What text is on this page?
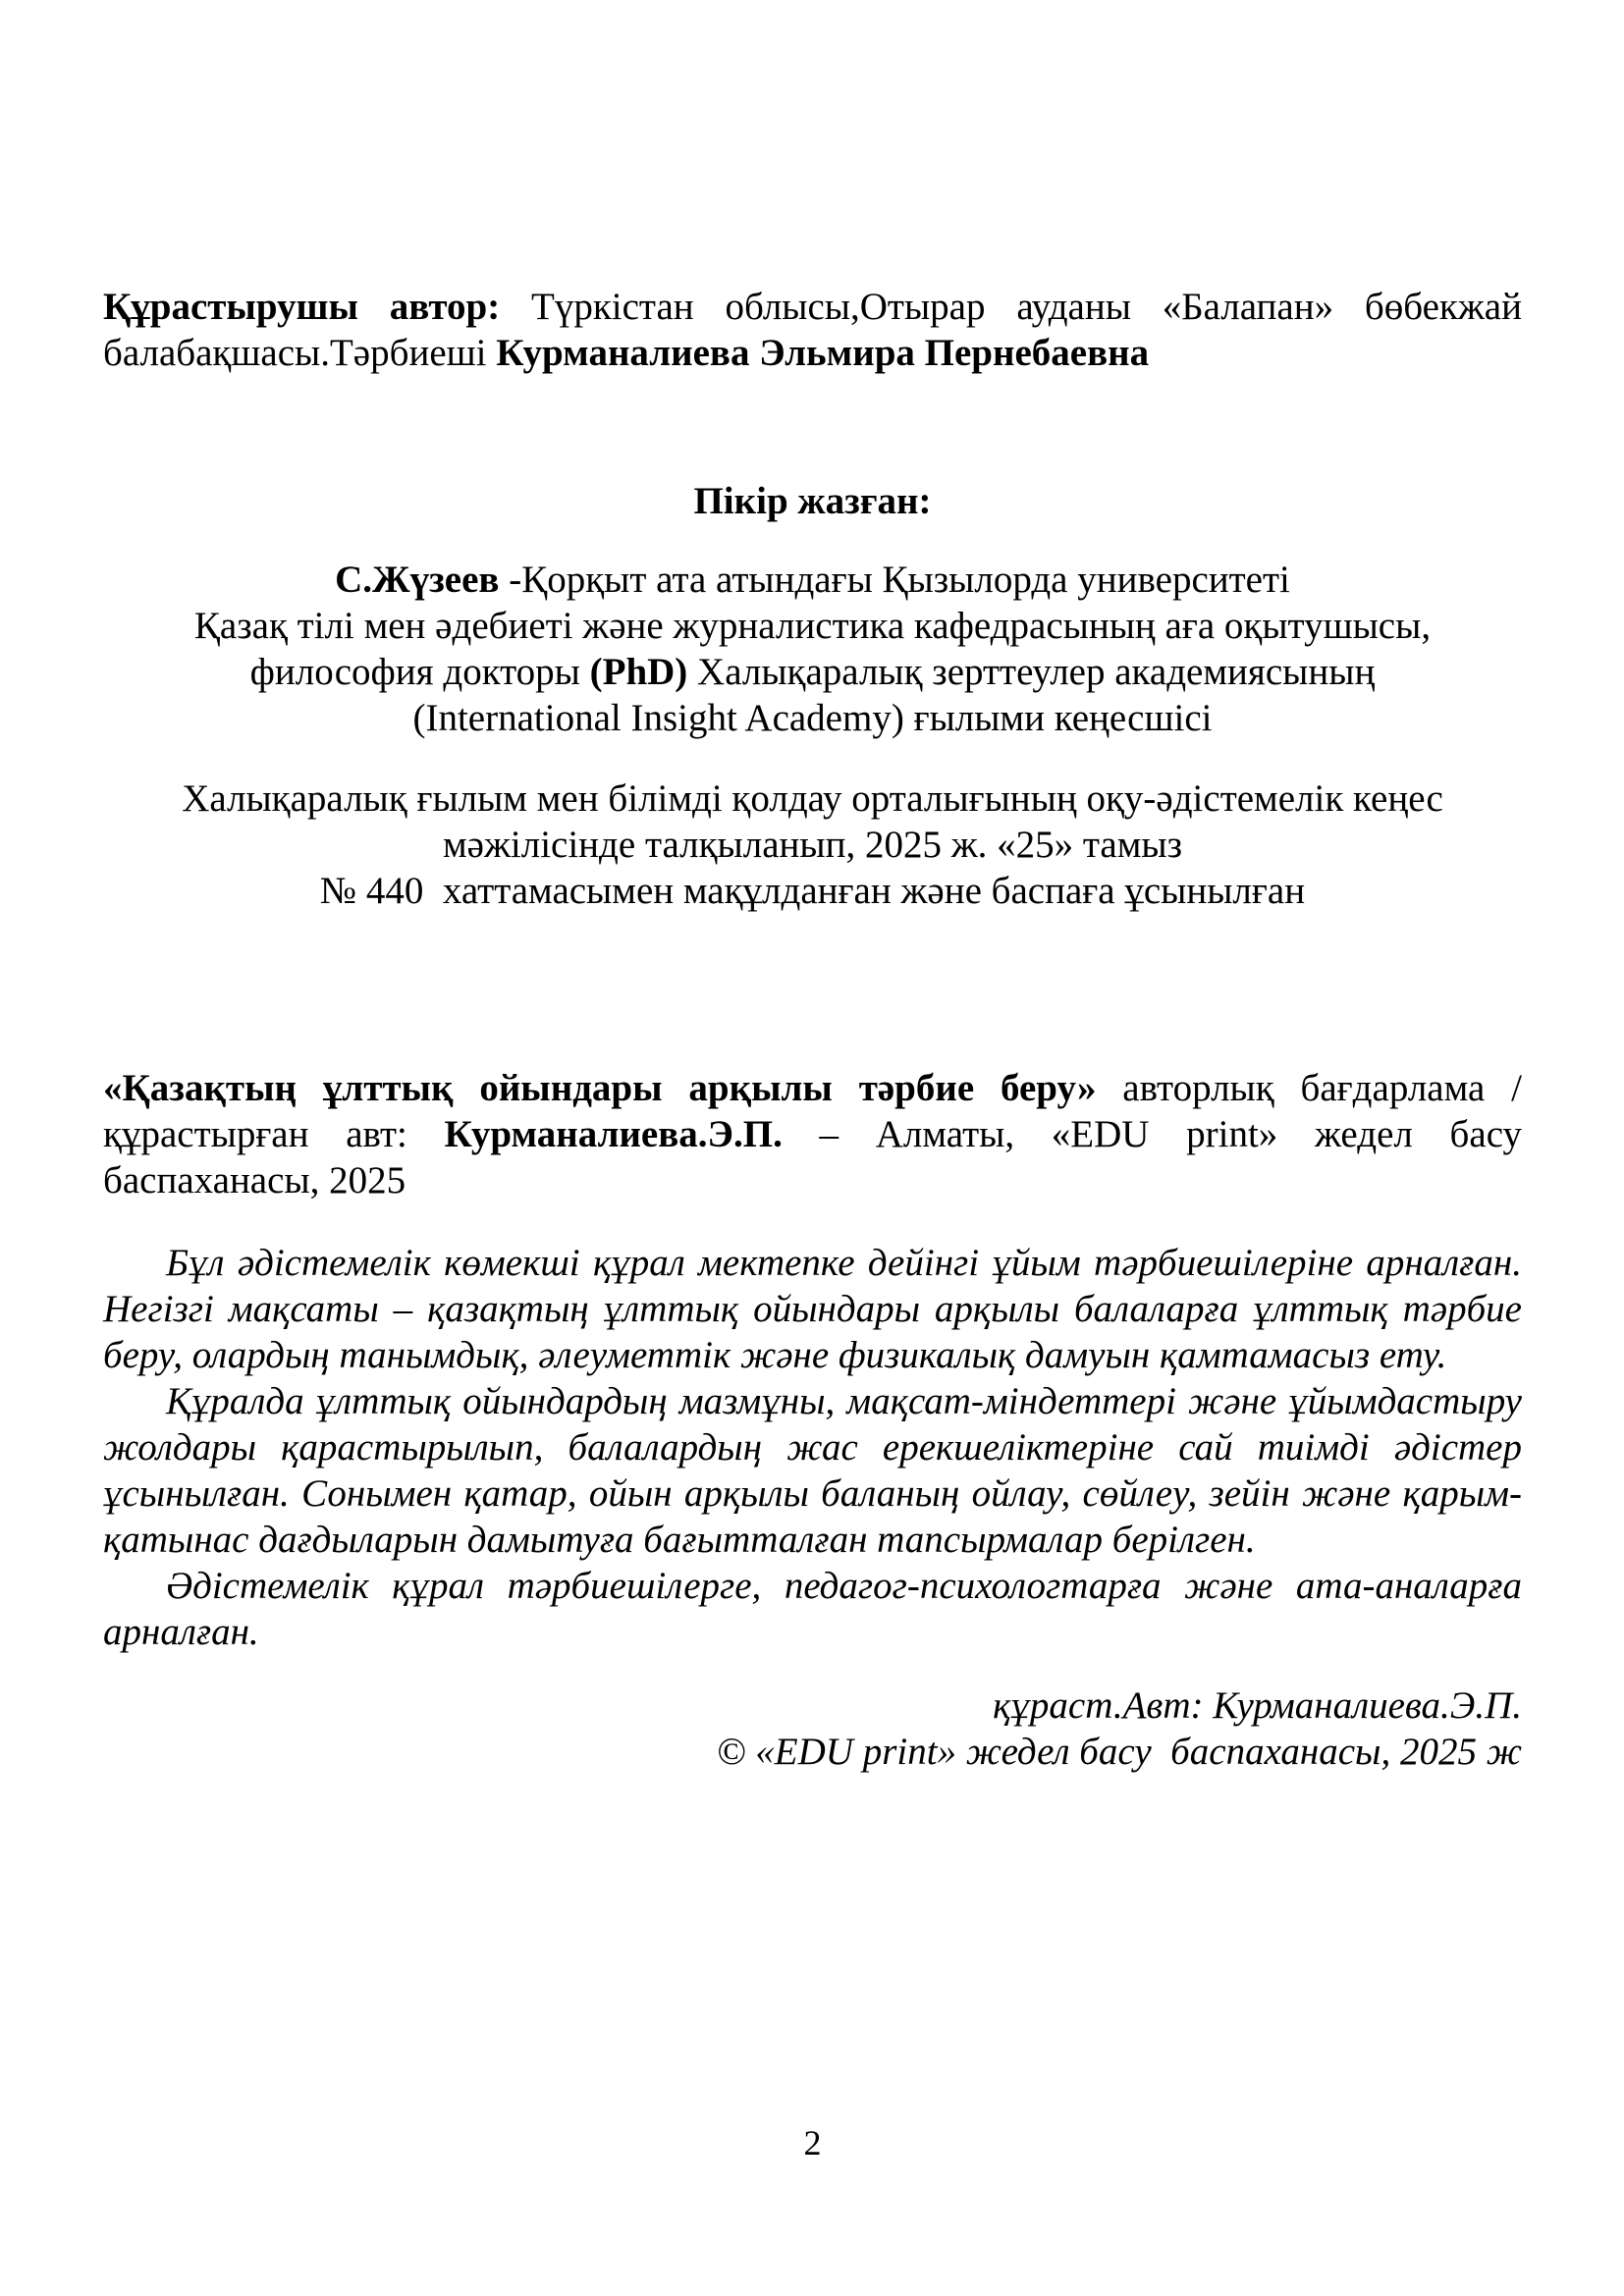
Құрастырушы автор: Түркістан облысы,Отырар ауданы «Балапан» бөбекжай балабақшасы.Тәрбиеші Курманалиева Эльмира Пернебаевна

Пікір жазған:
С.Жүзеев -Қорқыт ата атындағы Қызылорда университеті
Қазақ тілі мен әдебиеті және журналистика кафедрасының аға оқытушысы,
философия докторы (PhD) Халықаралық зерттеулер академиясының
(International Insight Academy) ғылыми кеңесшісі
Халықаралық ғылым мен білімді қолдау орталығының оқу-әдістемелік кеңес
мәжілісінде талқыланып, 2025 ж. «25» тамыз
№ 440  хаттамасымен мақұлданған және баспаға ұсынылған

«Қазақтың ұлттық ойындары арқылы тәрбие беру» авторлық бағдарлама /құрастырған авт: Курманалиева.Э.П. – Алматы, «EDU print» жедел басу баспаханасы, 2025

Бұл әдістемелік көмекші құрал мектепке дейінгі ұйым тәрбиешілеріне арналған. Негізгі мақсаты – қазақтың ұлттық ойындары арқылы балаларға ұлттық тәрбие беру, олардың танымдық, әлеуметтік және физикалық дамуын қамтамасыз ету.

Құралда ұлттық ойындардың мазмұны, мақсат-міндеттері және ұйымдастыру жолдары қарастырылып, балалардың жас ерекшеліктеріне сай тиімді әдістер ұсынылған. Сонымен қатар, ойын арқылы баланың ойлау, сөйлеу, зейін және қарым-қатынас дағдыларын дамытуға бағытталған тапсырмалар берілген.

Әдістемелік құрал тәрбиешілерге, педагог-психологтарға және ата-аналарға арналған.

құраст.Авт: Курманалиева.Э.П.
© «EDU print» жедел басу  баспаханасы, 2025 ж
2
